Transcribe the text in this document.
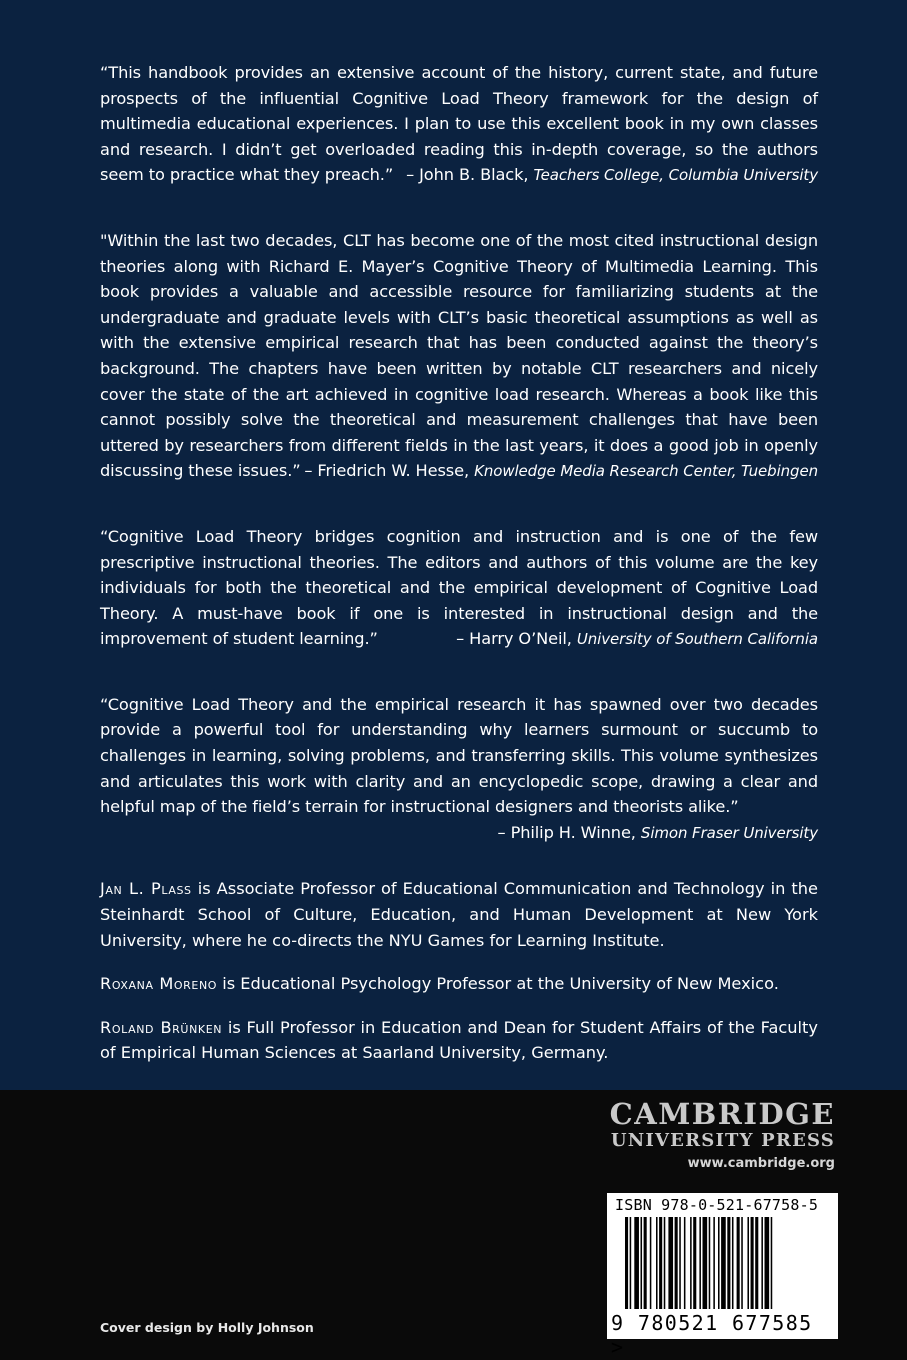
“This handbook provides an extensive account of the history, current state, and future prospects of the influential Cognitive Load Theory framework for the design of multimedia educational experiences. I plan to use this excellent book in my own classes and research. I didn’t get overloaded reading this in-depth coverage, so the authors seem to practice what they preach.” – John B. Black, Teachers College, Columbia University

"Within the last two decades, CLT has become one of the most cited instructional design theories along with Richard E. Mayer’s Cognitive Theory of Multimedia Learning. This book provides a valuable and accessible resource for familiarizing students at the undergraduate and graduate levels with CLT’s basic theoretical assumptions as well as with the extensive empirical research that has been conducted against the theory’s background. The chapters have been written by notable CLT researchers and nicely cover the state of the art achieved in cognitive load research. Whereas a book like this cannot possibly solve the theoretical and measurement challenges that have been uttered by researchers from different fields in the last years, it does a good job in openly discussing these issues.” – Friedrich W. Hesse, Knowledge Media Research Center, Tuebingen

“Cognitive Load Theory bridges cognition and instruction and is one of the few prescriptive instructional theories. The editors and authors of this volume are the key individuals for both the theoretical and the empirical development of Cognitive Load Theory. A must-have book if one is interested in instructional design and the improvement of student learning.”	– Harry O’Neil, University of Southern California

“Cognitive Load Theory and the empirical research it has spawned over two decades provide a powerful tool for understanding why learners surmount or succumb to challenges in learning, solving problems, and transferring skills. This volume synthesizes and articulates this work with clarity and an encyclopedic scope, drawing a clear and helpful map of the field’s terrain for instructional designers and theorists alike.”
– Philip H. Winne, Simon Fraser University

Jan L. Plass is Associate Professor of Educational Communication and Technology in the Steinhardt School of Culture, Education, and Human Development at New York University, where he co-directs the NYU Games for Learning Institute.

Roxana Moreno is Educational Psychology Professor at the University of New Mexico.

Roland Brünken is Full Professor in Education and Dean for Student Affairs of the Faculty of Empirical Human Sciences at Saarland University, Germany.

CAMBRIDGE
UNIVERSITY PRESS
www.cambridge.org
ISBN 978-0-521-67758-5
9 780521 677585 >
Cover design by Holly Johnson
